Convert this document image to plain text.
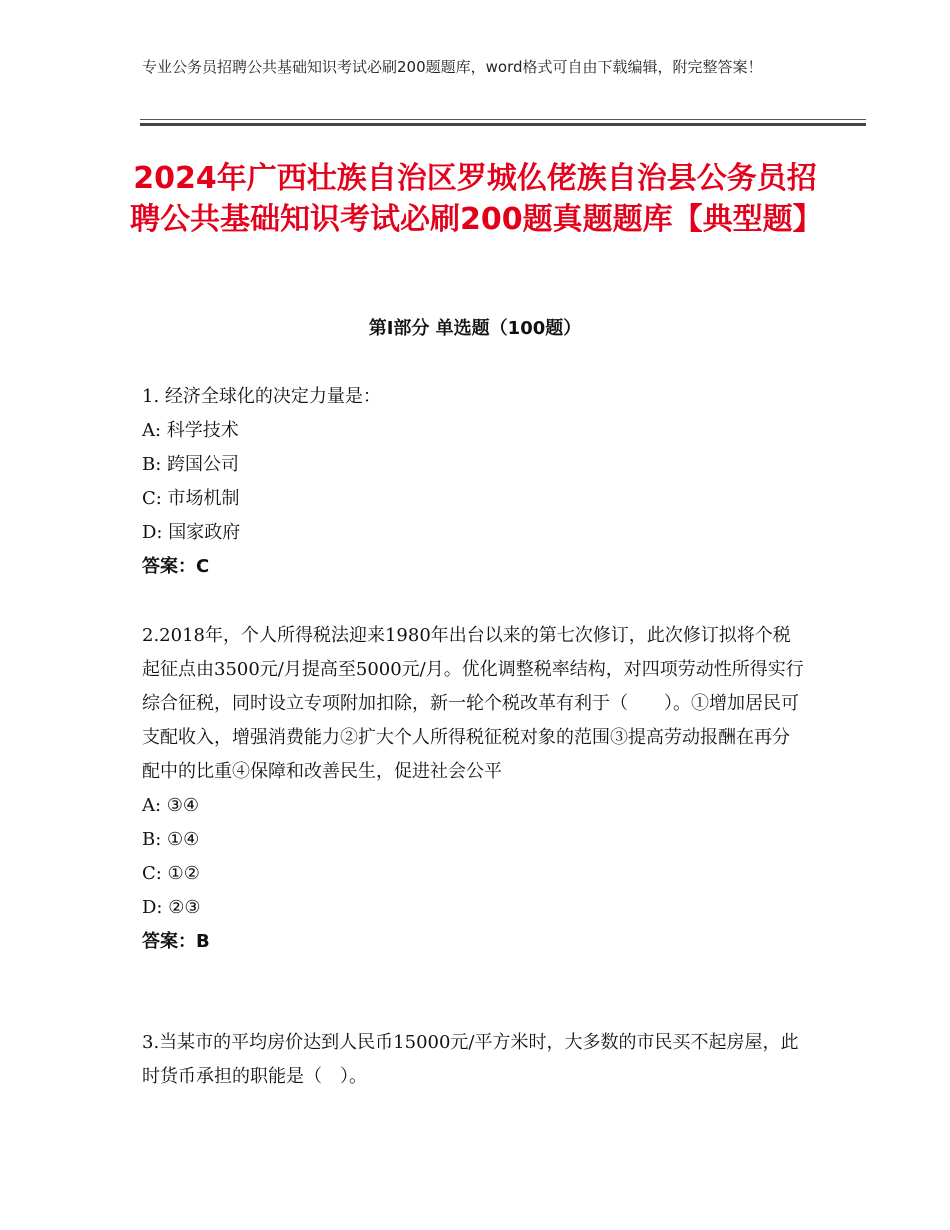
专业公务员招聘公共基础知识考试必刷200题题库，word格式可自由下载编辑，附完整答案！
2024年广西壮族自治区罗城仫佬族自治县公务员招聘公共基础知识考试必刷200题真题题库【典型题】
第Ⅰ部分 单选题（100题）

1. 经济全球化的决定力量是：

A: 科学技术

B: 跨国公司

C: 市场机制

D: 国家政府

答案：C

2.2018年，个人所得税法迎来1980年出台以来的第七次修订，此次修订拟将个税起征点由3500元/月提高至5000元/月。优化调整税率结构，对四项劳动性所得实行综合征税，同时设立专项附加扣除，新一轮个税改革有利于（　　）。①增加居民可支配收入，增强消费能力②扩大个人所得税征税对象的范围③提高劳动报酬在再分配中的比重④保障和改善民生，促进社会公平

A: ③④

B: ①④

C: ①②

D: ②③

答案：B

3.当某市的平均房价达到人民币15000元/平方米时，大多数的市民买不起房屋，此时货币承担的职能是（　）。
